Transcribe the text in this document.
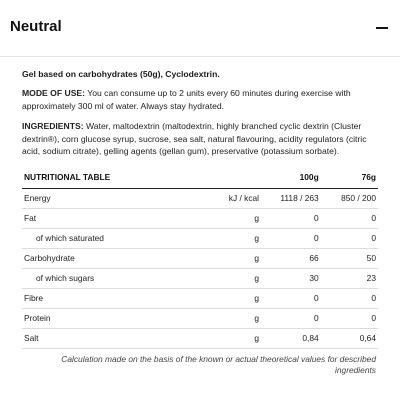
Neutral

Gel based on carbohydrates (50g), Cyclodextrin.

MODE OF USE: You can consume up to 2 units every 60 minutes during exercise with approximately 300 ml of water. Always stay hydrated.

INGREDIENTS: Water, maltodextrin (maltodextrin, highly branched cyclic dextrin (Cluster dextrin®), corn glucose syrup, sucrose, sea salt, natural flavouring, acidity regulators (citric acid, sodium citrate), gelling agents (gellan gum), preservative (potassium sorbate).

NUTRITIONAL TABLE		100g	76g
Energy	kJ / kcal	1118 / 263	850 / 200
Fat	g	0	0
of which saturated	g	0	0
Carbohydrate	g	66	50
of which sugars	g	30	23
Fibre	g	0	0
Protein	g	0	0
Salt	g	0,84	0,64
Calculation made on the basis of the known or actual theoretical values for described ingredients
